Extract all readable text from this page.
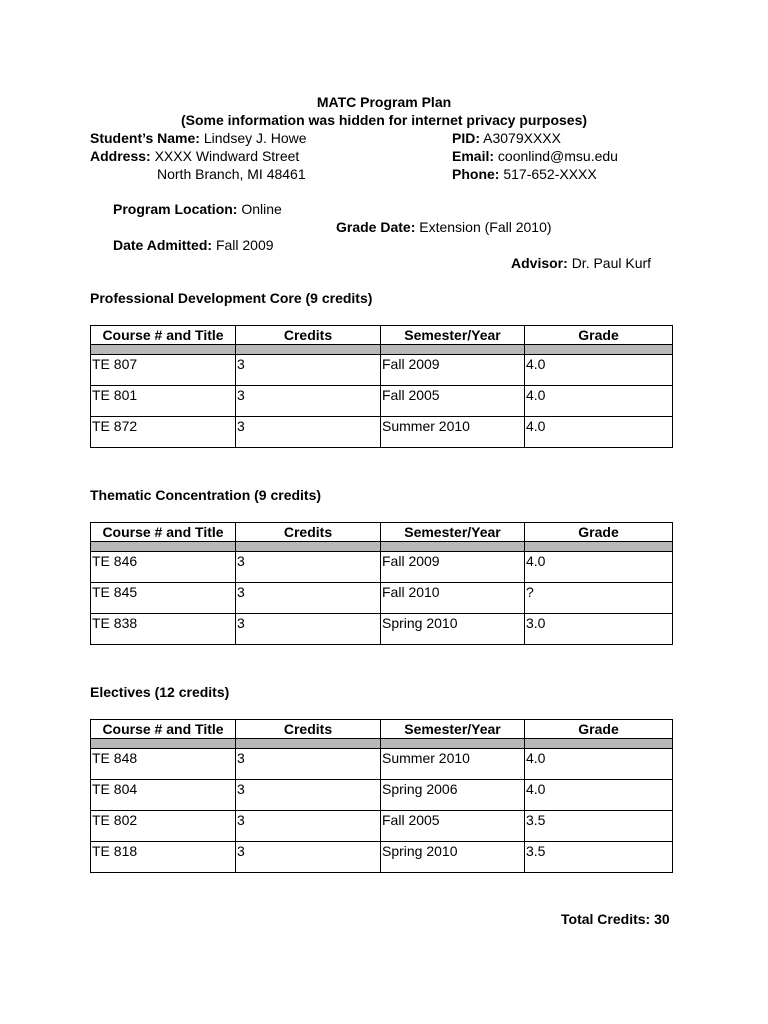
MATC Program Plan
(Some information was hidden for internet privacy purposes)
Student’s Name: Lindsey J. Howe
Address: XXXX Windward Street
North Branch, MI 48461
PID: A3079XXXX
Email: coonlind@msu.edu
Phone: 517-652-XXXX
Program Location: Online
Grade Date: Extension (Fall 2010)
Date Admitted: Fall 2009
Advisor: Dr. Paul Kurf
Professional Development Core (9 credits)
Course # and Title	Credits	Semester/Year	Grade

TE 807	3	Fall 2009	4.0
TE 801	3	Fall 2005	4.0
TE 872	3	Summer 2010	4.0
Thematic Concentration (9 credits)
Course # and Title	Credits	Semester/Year	Grade

TE 846	3	Fall 2009	4.0
TE 845	3	Fall 2010	?
TE 838	3	Spring 2010	3.0
Electives (12 credits)
Course # and Title	Credits	Semester/Year	Grade

TE 848	3	Summer 2010	4.0
TE 804	3	Spring 2006	4.0
TE 802	3	Fall 2005	3.5
TE 818	3	Spring 2010	3.5
Total Credits: 30
